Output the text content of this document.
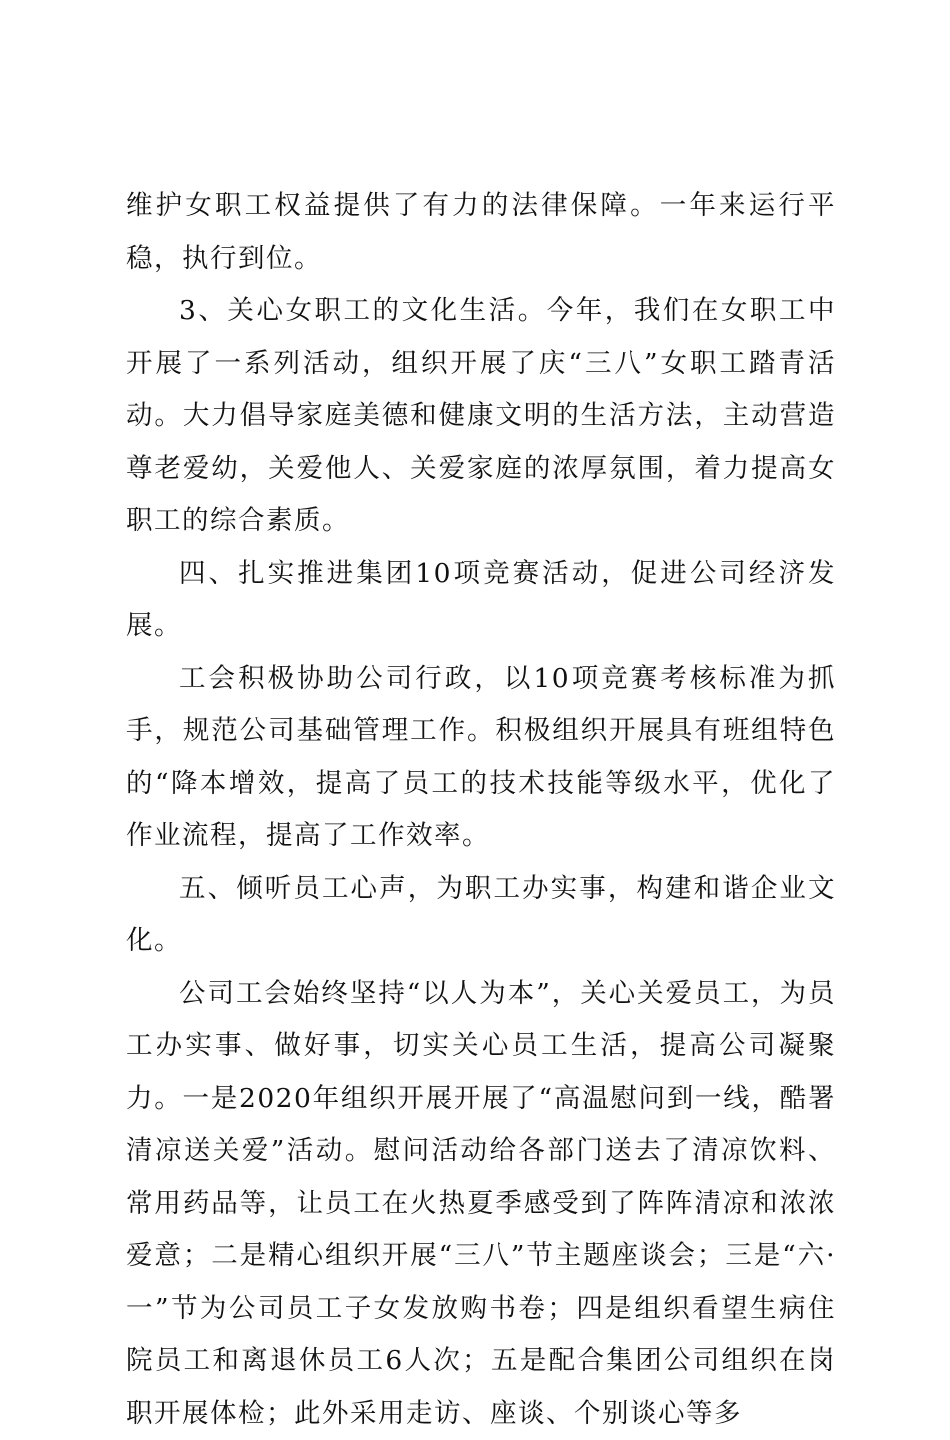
维护女职工权益提供了有力的法律保障。一年来运行平稳，执行到位。

3、关心女职工的文化生活。今年，我们在女职工中开展了一系列活动，组织开展了庆“三八”女职工踏青活动。大力倡导家庭美德和健康文明的生活方法，主动营造尊老爱幼，关爱他人、关爱家庭的浓厚氛围，着力提高女职工的综合素质。

四、扎实推进集团10项竞赛活动，促进公司经济发展。

工会积极协助公司行政，以10项竞赛考核标准为抓手，规范公司基础管理工作。积极组织开展具有班组特色的“降本增效，提高了员工的技术技能等级水平，优化了作业流程，提高了工作效率。

五、倾听员工心声，为职工办实事，构建和谐企业文化。

公司工会始终坚持“以人为本”，关心关爱员工，为员工办实事、做好事，切实关心员工生活，提高公司凝聚力。一是2020年组织开展开展了“高温慰问到一线，酷署清凉送关爱”活动。慰问活动给各部门送去了清凉饮料、常用药品等，让员工在火热夏季感受到了阵阵清凉和浓浓爱意；二是精心组织开展“三八”节主题座谈会；三是“六·一”节为公司员工子女发放购书卷；四是组织看望生病住院员工和离退休员工6人次；五是配合集团公司组织在岗职开展体检；此外采用走访、座谈、个别谈心等多
